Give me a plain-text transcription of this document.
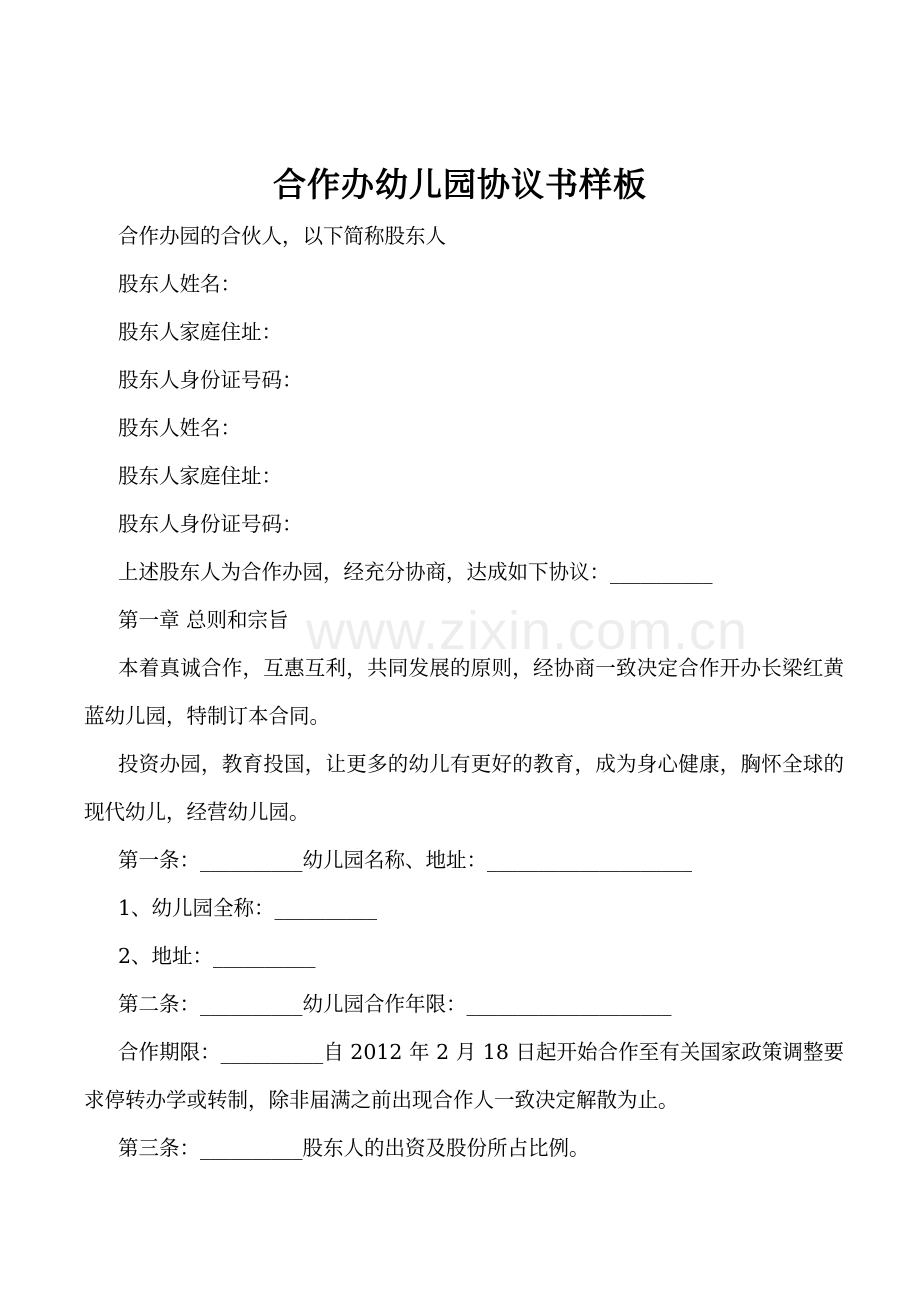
合作办幼儿园协议书样板

合作办园的合伙人，以下简称股东人

股东人姓名：

股东人家庭住址：

股东人身份证号码：

股东人姓名：

股东人家庭住址：

股东人身份证号码：

上述股东人为合作办园，经充分协商，达成如下协议：__________

第一章 总则和宗旨

本着真诚合作，互惠互利，共同发展的原则，经协商一致决定合作开办长梁红黄蓝幼儿园，特制订本合同。

投资办园，教育投国，让更多的幼儿有更好的教育，成为身心健康，胸怀全球的现代幼儿，经营幼儿园。

第一条：__________幼儿园名称、地址：____________________

1、幼儿园全称：__________

2、地址：__________

第二条：__________幼儿园合作年限：____________________

合作期限：__________自 2012 年 2 月 18 日起开始合作至有关国家政策调整要求停转办学或转制，除非届满之前出现合作人一致决定解散为止。

第三条：__________股东人的出资及股份所占比例。

www.zixin.com.cn
